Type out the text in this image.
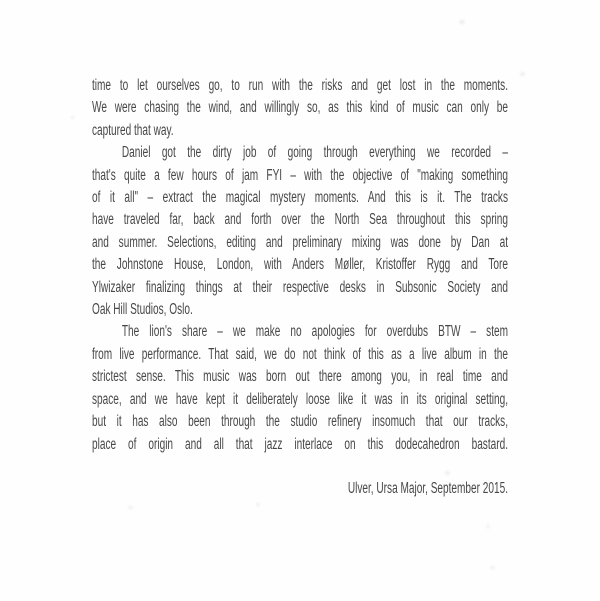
time to let ourselves go, to run with the risks and get lost in the moments.
We were chasing the wind, and willingly so, as this kind of music can only be
captured that way.
Daniel got the dirty job of going through everything we recorded –
that's quite a few hours of jam FYI – with the objective of "making something
of it all" – extract the magical mystery moments. And this is it. The tracks
have traveled far, back and forth over the North Sea throughout this spring
and summer. Selections, editing and preliminary mixing was done by Dan at
the Johnstone House, London, with Anders Møller, Kristoffer Rygg and Tore
Ylwizaker finalizing things at their respective desks in Subsonic Society and
Oak Hill Studios, Oslo.
The lion's share – we make no apologies for overdubs BTW – stem
from live performance. That said, we do not think of this as a live album in the
strictest sense. This music was born out there among you, in real time and
space, and we have kept it deliberately loose like it was in its original setting,
but it has also been through the studio refinery insomuch that our tracks,
place of origin and all that jazz interlace on this dodecahedron bastard.
Ulver, Ursa Major, September 2015.
